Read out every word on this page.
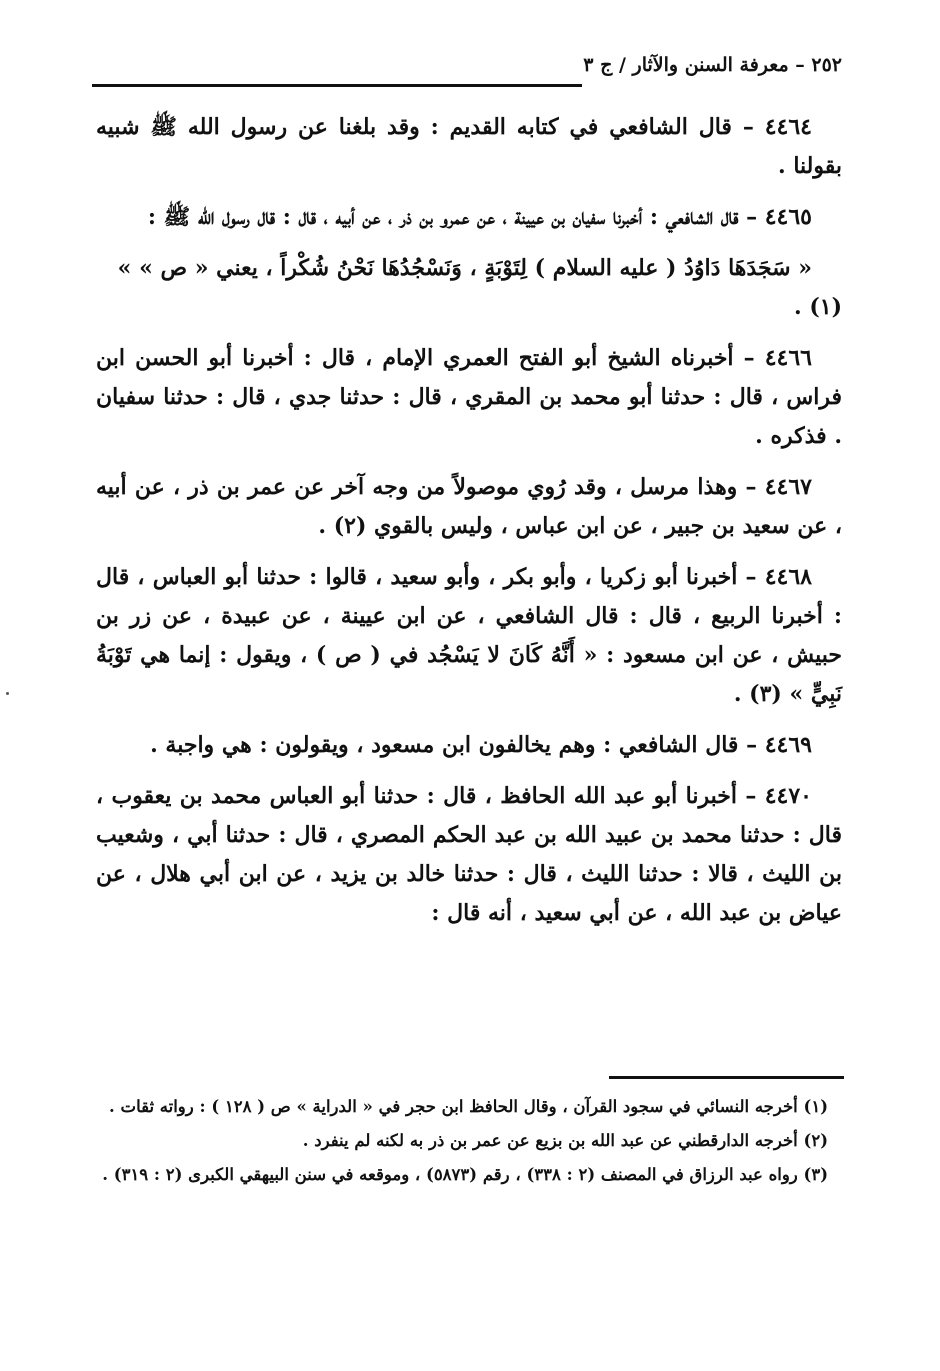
٢٥٢ – معرفة السنن والآثار / ج ٣

٤٤٦٤ – قال الشافعي في كتابه القديم : وقد بلغنا عن رسول الله ﷺ شبيه بقولنا .

٤٤٦٥ – قال الشافعي : أخبرنا سفيان بن عيينة ، عن عمرو بن ذر ، عن أبيه ، قال : قال رسول الله ﷺ :

« سَجَدَهَا دَاوُدُ ( عليه السلام ) لِتَوْبَةٍ ، وَنَسْجُدُهَا نَحْنُ شُكْراً ، يعني « ص » » (١) .

٤٤٦٦ – أخبرناه الشيخ أبو الفتح العمري الإمام ، قال : أخبرنا أبو الحسن ابن فراس ، قال : حدثنا أبو محمد بن المقري ، قال : حدثنا جدي ، قال : حدثنا سفيان . فذكره .

٤٤٦٧ – وهذا مرسل ، وقد رُوي موصولاً من وجه آخر عن عمر بن ذر ، عن أبيه ، عن سعيد بن جبير ، عن ابن عباس ، وليس بالقوي (٢) .

٤٤٦٨ – أخبرنا أبو زكريا ، وأبو بكر ، وأبو سعيد ، قالوا : حدثنا أبو العباس ، قال : أخبرنا الربيع ، قال : قال الشافعي ، عن ابن عيينة ، عن عبيدة ، عن زر بن حبيش ، عن ابن مسعود : « أَنَّهُ كَانَ لا يَسْجُد في ( ص ) ، ويقول : إنما هي تَوْبَةُ نَبِيٍّ » (٣) .

٤٤٦٩ – قال الشافعي : وهم يخالفون ابن مسعود ، ويقولون : هي واجبة .

٤٤٧٠ – أخبرنا أبو عبد الله الحافظ ، قال : حدثنا أبو العباس محمد بن يعقوب ، قال : حدثنا محمد بن عبيد الله بن عبد الحكم المصري ، قال : حدثنا أبي ، وشعيب بن الليث ، قالا : حدثنا الليث ، قال : حدثنا خالد بن يزيد ، عن ابن أبي هلال ، عن عياض بن عبد الله ، عن أبي سعيد ، أنه قال :

(١) أخرجه النسائي في سجود القرآن ، وقال الحافظ ابن حجر في « الدراية » ص ( ١٢٨ ) : رواته ثقات .

(٢) أخرجه الدارقطني عن عبد الله بن بزيع عن عمر بن ذر به لكنه لم ينفرد .

(٣) رواه عبد الرزاق في المصنف (٢ : ٣٣٨) ، رقم (٥٨٧٣) ، وموقعه في سنن البيهقي الكبرى (٢ : ٣١٩) .
